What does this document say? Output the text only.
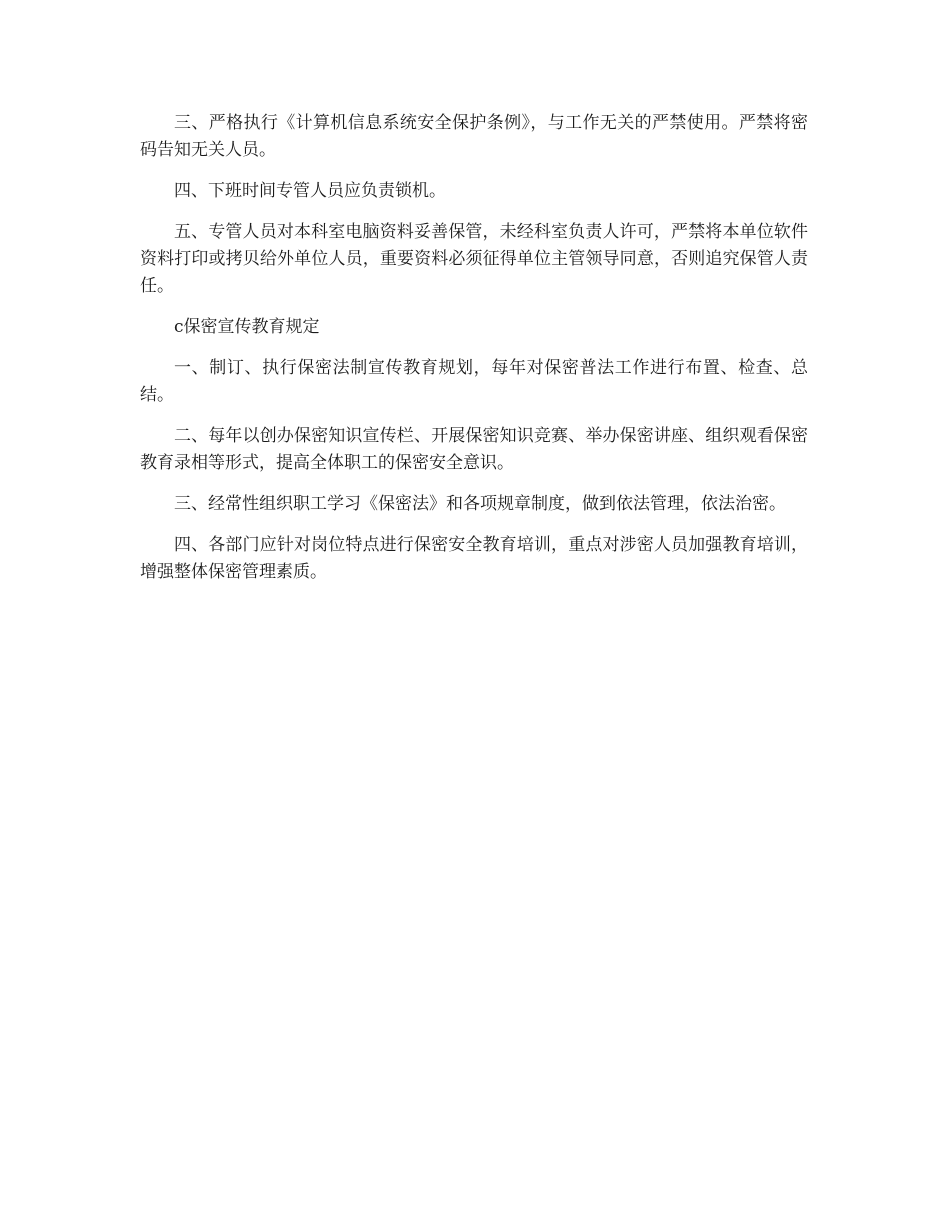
三、严格执行《计算机信息系统安全保护条例》，与工作无关的严禁使用。严禁将密码告知无关人员。

四、下班时间专管人员应负责锁机。

五、专管人员对本科室电脑资料妥善保管，未经科室负责人许可，严禁将本单位软件资料打印或拷贝给外单位人员，重要资料必须征得单位主管领导同意，否则追究保管人责任。

c保密宣传教育规定

一、制订、执行保密法制宣传教育规划，每年对保密普法工作进行布置、检查、总结。

二、每年以创办保密知识宣传栏、开展保密知识竞赛、举办保密讲座、组织观看保密教育录相等形式，提高全体职工的保密安全意识。

三、经常性组织职工学习《保密法》和各项规章制度，做到依法管理，依法治密。

四、各部门应针对岗位特点进行保密安全教育培训，重点对涉密人员加强教育培训，增强整体保密管理素质。
